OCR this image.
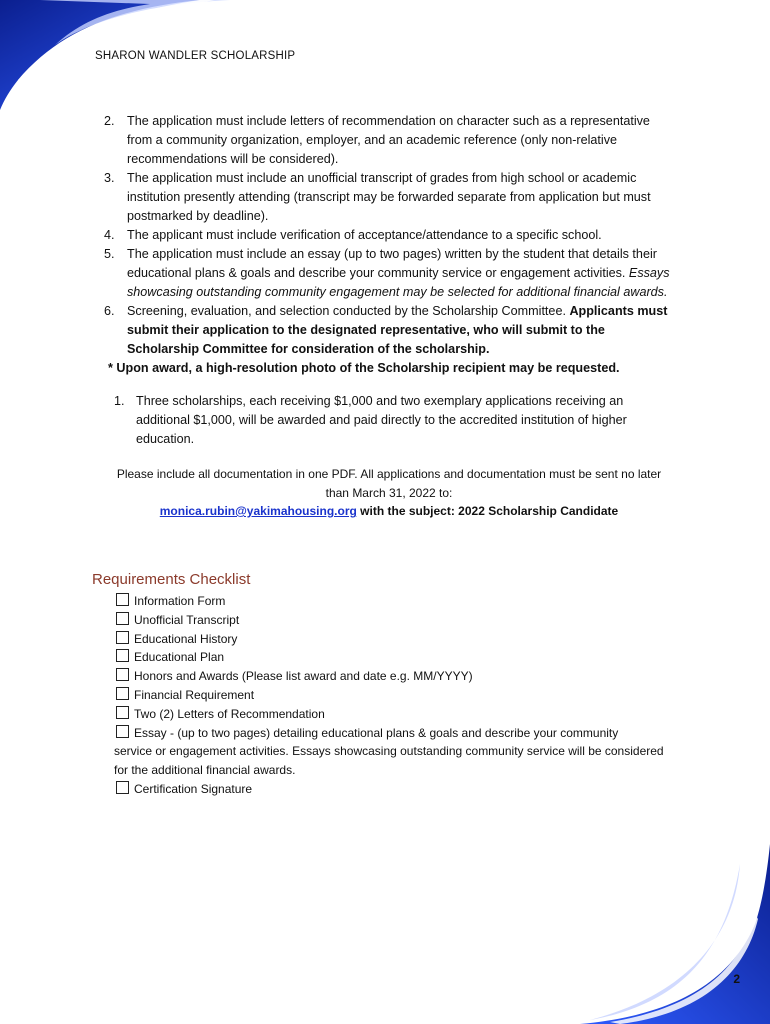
SHARON WANDLER SCHOLARSHIP
2. The application must include letters of recommendation on character such as a representative from a community organization, employer, and an academic reference (only non-relative recommendations will be considered).
3. The application must include an unofficial transcript of grades from high school or academic institution presently attending (transcript may be forwarded separate from application but must postmarked by deadline).
4. The applicant must include verification of acceptance/attendance to a specific school.
5. The application must include an essay (up to two pages) written by the student that details their educational plans & goals and describe your community service or engagement activities. Essays showcasing outstanding community engagement may be selected for additional financial awards.
6. Screening, evaluation, and selection conducted by the Scholarship Committee. Applicants must submit their application to the designated representative, who will submit to the Scholarship Committee for consideration of the scholarship.
* Upon award, a high-resolution photo of the Scholarship recipient may be requested.
1. Three scholarships, each receiving $1,000 and two exemplary applications receiving an additional $1,000, will be awarded and paid directly to the accredited institution of higher education.
Please include all documentation in one PDF. All applications and documentation must be sent no later than March 31, 2022 to:
monica.rubin@yakimahousing.org with the subject: 2022 Scholarship Candidate
Requirements Checklist
Information Form
Unofficial Transcript
Educational History
Educational Plan
Honors and Awards (Please list award and date e.g. MM/YYYY)
Financial Requirement
Two (2) Letters of Recommendation
Essay - (up to two pages) detailing educational plans & goals and describe your community
service or engagement activities. Essays showcasing outstanding community service will be considered for the additional financial awards.
Certification Signature
2
